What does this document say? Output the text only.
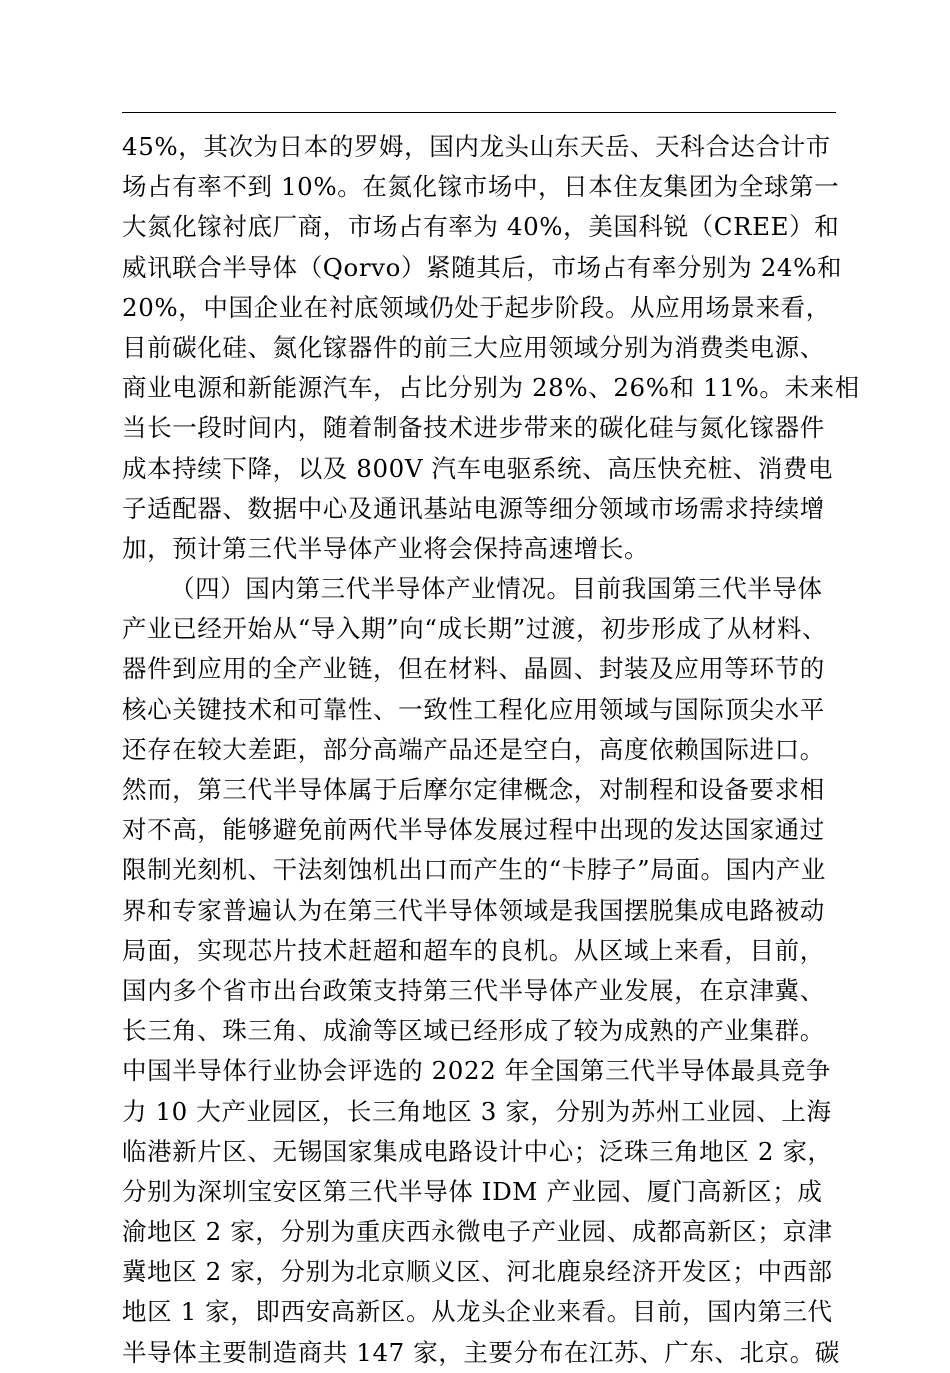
45%，其次为日本的罗姆，国内龙头山东天岳、天科合达合计市
场占有率不到 10%。在氮化镓市场中，日本住友集团为全球第一
大氮化镓衬底厂商，市场占有率为 40%，美国科锐（CREE）和
威讯联合半导体（Qorvo）紧随其后，市场占有率分别为 24%和
20%，中国企业在衬底领域仍处于起步阶段。从应用场景来看，
目前碳化硅、氮化镓器件的前三大应用领域分别为消费类电源、
商业电源和新能源汽车，占比分别为 28%、26%和 11%。未来相
当长一段时间内，随着制备技术进步带来的碳化硅与氮化镓器件
成本持续下降，以及 800V 汽车电驱系统、高压快充桩、消费电
子适配器、数据中心及通讯基站电源等细分领域市场需求持续增
加，预计第三代半导体产业将会保持高速增长。
（四）国内第三代半导体产业情况。目前我国第三代半导体
产业已经开始从“导入期”向“成长期”过渡，初步形成了从材料、
器件到应用的全产业链，但在材料、晶圆、封装及应用等环节的
核心关键技术和可靠性、一致性工程化应用领域与国际顶尖水平
还存在较大差距，部分高端产品还是空白，高度依赖国际进口。
然而，第三代半导体属于后摩尔定律概念，对制程和设备要求相
对不高，能够避免前两代半导体发展过程中出现的发达国家通过
限制光刻机、干法刻蚀机出口而产生的“卡脖子”局面。国内产业
界和专家普遍认为在第三代半导体领域是我国摆脱集成电路被动
局面，实现芯片技术赶超和超车的良机。从区域上来看，目前，
国内多个省市出台政策支持第三代半导体产业发展，在京津冀、
长三角、珠三角、成渝等区域已经形成了较为成熟的产业集群。
中国半导体行业协会评选的 2022 年全国第三代半导体最具竞争
力 10 大产业园区，长三角地区 3 家，分别为苏州工业园、上海
临港新片区、无锡国家集成电路设计中心；泛珠三角地区 2 家，
分别为深圳宝安区第三代半导体 IDM 产业园、厦门高新区；成
渝地区 2 家，分别为重庆西永微电子产业园、成都高新区；京津
冀地区 2 家，分别为北京顺义区、河北鹿泉经济开发区；中西部
地区 1 家，即西安高新区。从龙头企业来看。目前，国内第三代
半导体主要制造商共 147 家，主要分布在江苏、广东、北京。碳
